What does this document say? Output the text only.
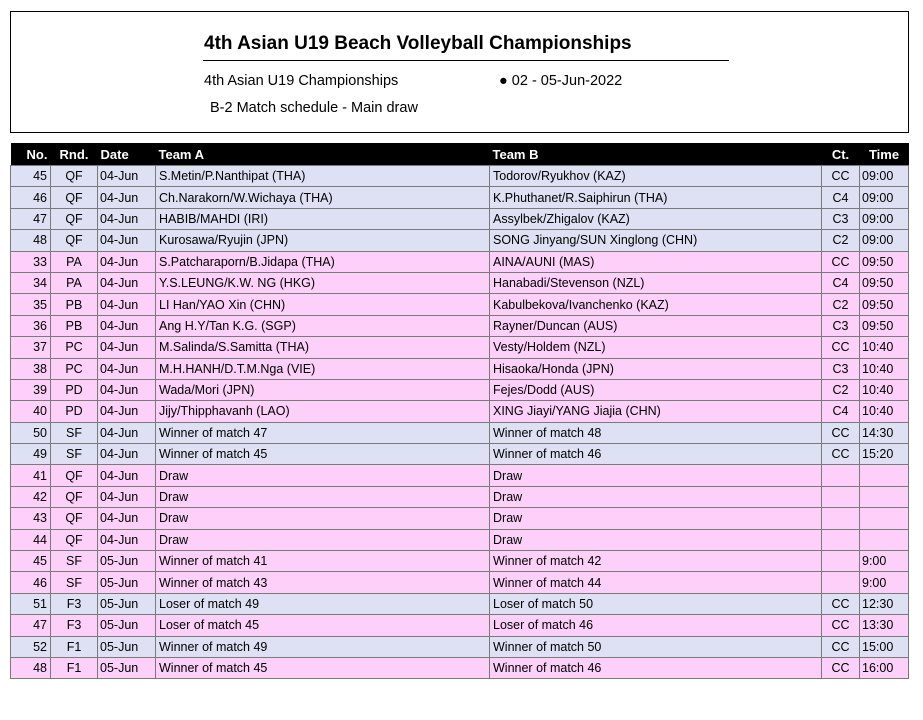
4th Asian U19 Beach Volleyball Championships
4th Asian U19 Championships	● 02 - 05-Jun-2022
B-2 Match schedule - Main draw
No.	Rnd.	Date	Team A	Team B	Ct.	Time
45	QF	04-Jun	S.Metin/P.Nanthipat (THA)	Todorov/Ryukhov (KAZ)	CC	09:00
46	QF	04-Jun	Ch.Narakorn/W.Wichaya (THA)	K.Phuthanet/R.Saiphirun (THA)	C4	09:00
47	QF	04-Jun	HABIB/MAHDI (IRI)	Assylbek/Zhigalov (KAZ)	C3	09:00
48	QF	04-Jun	Kurosawa/Ryujin (JPN)	SONG Jinyang/SUN Xinglong (CHN)	C2	09:00
33	PA	04-Jun	S.Patcharaporn/B.Jidapa (THA)	AINA/AUNI (MAS)	CC	09:50
34	PA	04-Jun	Y.S.LEUNG/K.W. NG (HKG)	Hanabadi/Stevenson (NZL)	C4	09:50
35	PB	04-Jun	LI Han/YAO Xin (CHN)	Kabulbekova/Ivanchenko (KAZ)	C2	09:50
36	PB	04-Jun	Ang H.Y/Tan K.G. (SGP)	Rayner/Duncan (AUS)	C3	09:50
37	PC	04-Jun	M.Salinda/S.Samitta (THA)	Vesty/Holdem (NZL)	CC	10:40
38	PC	04-Jun	M.H.HANH/D.T.M.Nga (VIE)	Hisaoka/Honda (JPN)	C3	10:40
39	PD	04-Jun	Wada/Mori (JPN)	Fejes/Dodd (AUS)	C2	10:40
40	PD	04-Jun	Jijy/Thipphavanh (LAO)	XING Jiayi/YANG Jiajia (CHN)	C4	10:40
50	SF	04-Jun	Winner of match 47	Winner of match 48	CC	14:30
49	SF	04-Jun	Winner of match 45	Winner of match 46	CC	15:20
41	QF	04-Jun	Draw	Draw		
42	QF	04-Jun	Draw	Draw		
43	QF	04-Jun	Draw	Draw		
44	QF	04-Jun	Draw	Draw		
45	SF	05-Jun	Winner of match 41	Winner of match 42		9:00
46	SF	05-Jun	Winner of match 43	Winner of match 44		9:00
51	F3	05-Jun	Loser of match 49	Loser of match 50	CC	12:30
47	F3	05-Jun	Loser of match 45	Loser of match 46	CC	13:30
52	F1	05-Jun	Winner of match 49	Winner of match 50	CC	15:00
48	F1	05-Jun	Winner of match 45	Winner of match 46	CC	16:00
